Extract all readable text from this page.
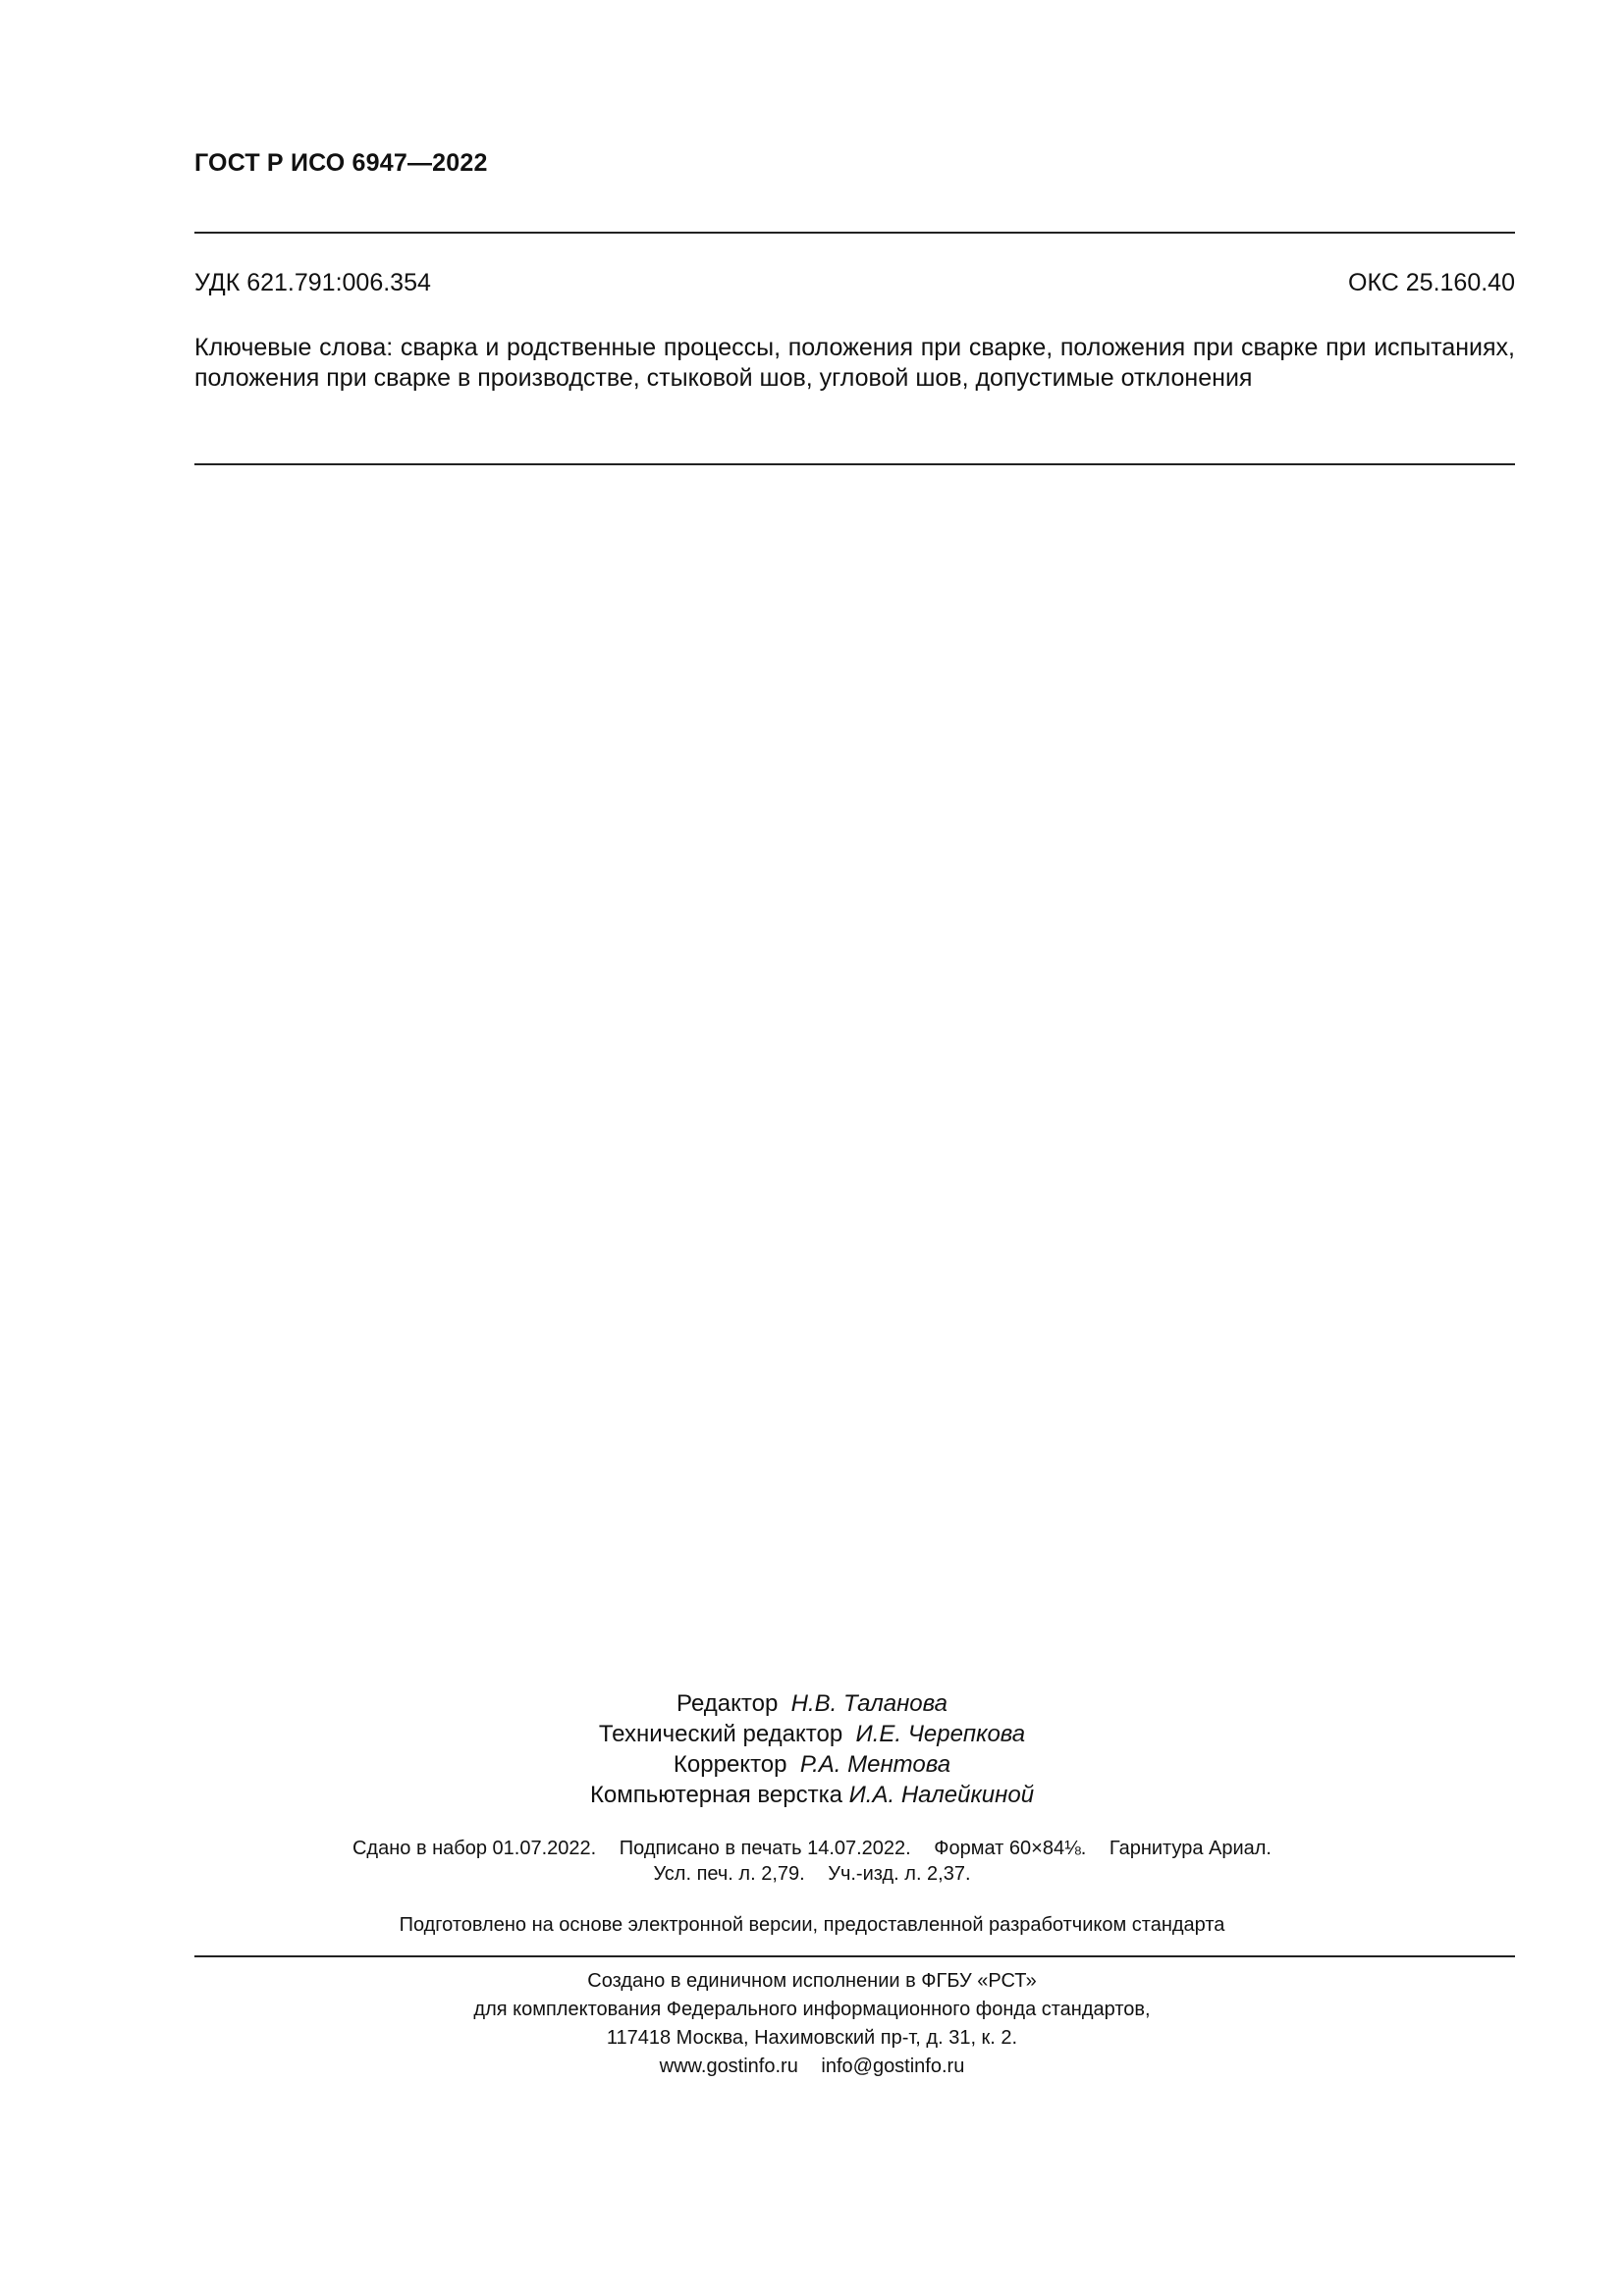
ГОСТ Р ИСО 6947—2022
УДК 621.791:006.354	ОКС 25.160.40
Ключевые слова: сварка и родственные процессы, положения при сварке, положения при сварке при испытаниях, положения при сварке в производстве, стыковой шов, угловой шов, допустимые отклонения
Редактор Н.В. Таланова
Технический редактор И.Е. Черепкова
Корректор Р.А. Ментова
Компьютерная верстка И.А. Налейкиной
Сдано в набор 01.07.2022. Подписано в печать 14.07.2022. Формат 60×84⅛. Гарнитура Ариал.
Усл. печ. л. 2,79. Уч.-изд. л. 2,37.
Подготовлено на основе электронной версии, предоставленной разработчиком стандарта
Создано в единичном исполнении в ФГБУ «РСТ»
для комплектования Федерального информационного фонда стандартов,
117418 Москва, Нахимовский пр-т, д. 31, к. 2.
www.gostinfo.ru info@gostinfo.ru
